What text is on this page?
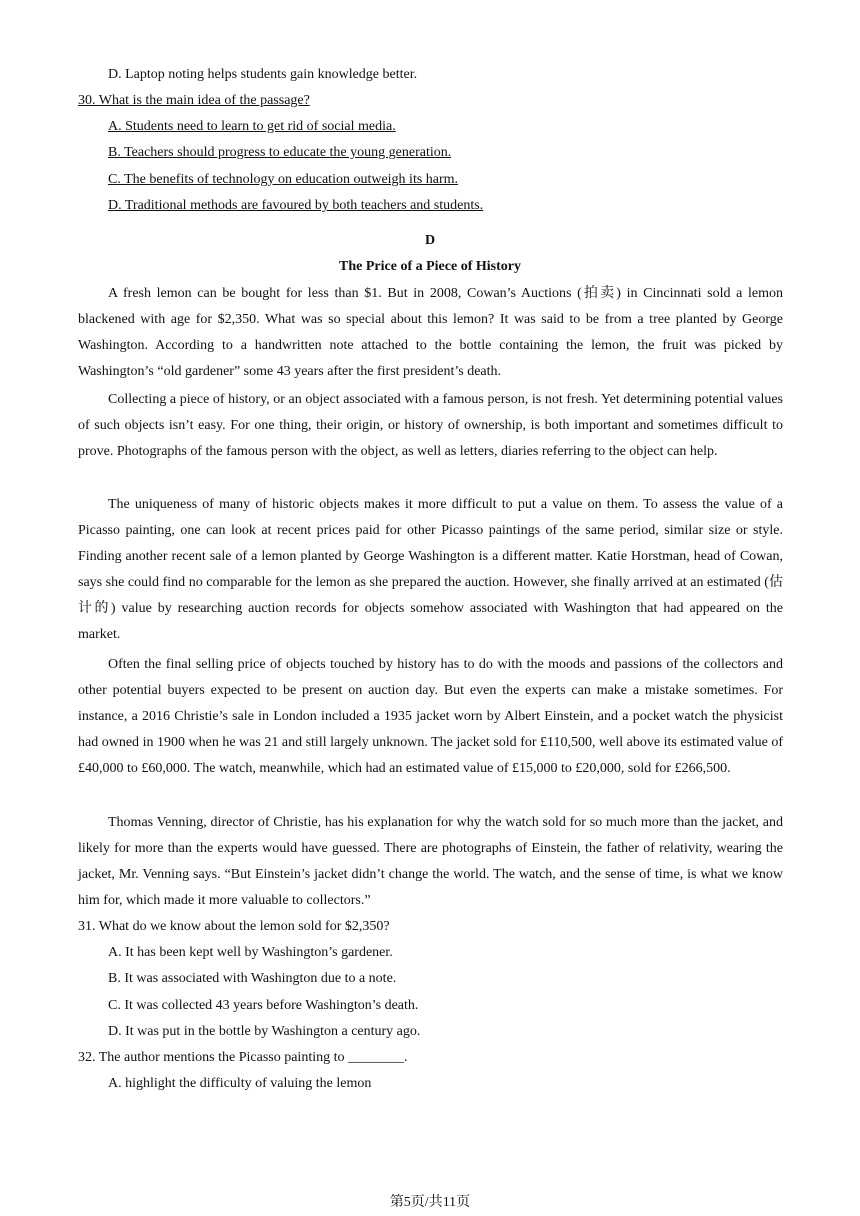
D. Laptop noting helps students gain knowledge better.
30. What is the main idea of the passage?
A. Students need to learn to get rid of social media.
B. Teachers should progress to educate the young generation.
C. The benefits of technology on education outweigh its harm.
D. Traditional methods are favoured by both teachers and students.
D
The Price of a Piece of History

A fresh lemon can be bought for less than $1. But in 2008, Cowan’s Auctions (拍卖) in Cincinnati sold a lemon blackened with age for $2,350. What was so special about this lemon? It was said to be from a tree planted by George Washington. According to a handwritten note attached to the bottle containing the lemon, the fruit was picked by Washington’s “old gardener” some 43 years after the first president’s death.

Collecting a piece of history, or an object associated with a famous person, is not fresh. Yet determining potential values of such objects isn’t easy. For one thing, their origin, or history of ownership, is both important and sometimes difficult to prove. Photographs of the famous person with the object, as well as letters, diaries referring to the object can help.

The uniqueness of many of historic objects makes it more difficult to put a value on them. To assess the value of a Picasso painting, one can look at recent prices paid for other Picasso paintings of the same period, similar size or style. Finding another recent sale of a lemon planted by George Washington is a different matter. Katie Horstman, head of Cowan, says she could find no comparable for the lemon as she prepared the auction. However, she finally arrived at an estimated (估计的) value by researching auction records for objects somehow associated with Washington that had appeared on the market.

Often the final selling price of objects touched by history has to do with the moods and passions of the collectors and other potential buyers expected to be present on auction day. But even the experts can make a mistake sometimes. For instance, a 2016 Christie’s sale in London included a 1935 jacket worn by Albert Einstein, and a pocket watch the physicist had owned in 1900 when he was 21 and still largely unknown. The jacket sold for £110,500, well above its estimated value of £40,000 to £60,000. The watch, meanwhile, which had an estimated value of £15,000 to £20,000, sold for £266,500.

Thomas Venning, director of Christie, has his explanation for why the watch sold for so much more than the jacket, and likely for more than the experts would have guessed. There are photographs of Einstein, the father of relativity, wearing the jacket, Mr. Venning says. “But Einstein’s jacket didn’t change the world. The watch, and the sense of time, is what we know him for, which made it more valuable to collectors.”

31. What do we know about the lemon sold for $2,350?
A. It has been kept well by Washington’s gardener.
B. It was associated with Washington due to a note.
C. It was collected 43 years before Washington’s death.
D. It was put in the bottle by Washington a century ago.
32. The author mentions the Picasso painting to ________.
A. highlight the difficulty of valuing the lemon
第5页/共11页
